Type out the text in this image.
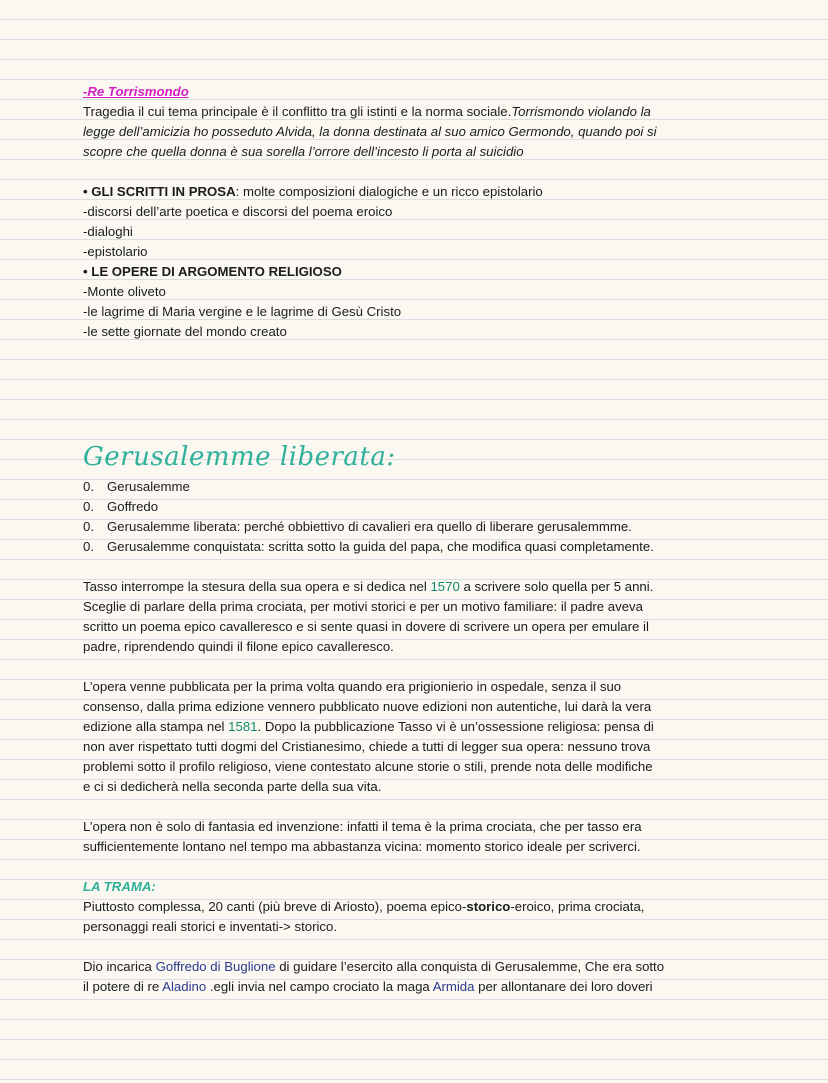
-Re Torrismondo
Tragedia il cui tema principale è il conflitto tra gli istinti e la norma sociale.Torrismondo violando la
legge dell’amicizia ho posseduto Alvida, la donna destinata al suo amico Germondo, quando poi si
scopre che quella donna è sua sorella l’orrore dell’incesto li porta al suicidio
• GLI SCRITTI IN PROSA: molte composizioni dialogiche e un ricco epistolario
-discorsi dell’arte poetica e discorsi del poema eroico
-dialoghi
-epistolario
• LE OPERE DI ARGOMENTO RELIGIOSO
-Monte oliveto
-le lagrime di Maria vergine e le lagrime di Gesù Cristo
-le sette giornate del mondo creato
Gerusalemme liberata:
0. Gerusalemme
0. Goffredo
0. Gerusalemme liberata: perché obbiettivo di cavalieri era quello di liberare gerusalemmme.
0. Gerusalemme conquistata: scritta sotto la guida del papa, che modifica quasi completamente.
Tasso interrompe la stesura della sua opera e si dedica nel 1570 a scrivere solo quella per 5 anni.
Sceglie di parlare della prima crociata, per motivi storici e per un motivo familiare: il padre aveva
scritto un poema epico cavalleresco e si sente quasi in dovere di scrivere un opera per emulare il
padre, riprendendo quindi il filone epico cavalleresco.
L’opera venne pubblicata per la prima volta quando era prigionierio in ospedale, senza il suo
consenso, dalla prima edizione vennero pubblicato nuove edizioni non autentiche, lui darà la vera
edizione alla stampa nel 1581. Dopo la pubblicazione Tasso vi è un’ossessione religiosa: pensa di
non aver rispettato tutti dogmi del Cristianesimo, chiede a tutti di legger sua opera: nessuno trova
problemi sotto il profilo religioso, viene contestato alcune storie o stili, prende nota delle modifiche
e ci si dedicherà nella seconda parte della sua vita.
L’opera non è solo di fantasia ed invenzione: infatti il tema è la prima crociata, che per tasso era
sufficientemente lontano nel tempo ma abbastanza vicina: momento storico ideale per scriverci.
LA TRAMA:
Piuttosto complessa, 20 canti (più breve di Ariosto), poema epico-storico-eroico, prima crociata,
personaggi reali storici e inventati-> storico.
Dio incarica Goffredo di Buglione di guidare l’esercito alla conquista di Gerusalemme, Che era sotto
il potere di re Aladino .egli invia nel campo crociato la maga Armida per allontanare dei loro doveri
